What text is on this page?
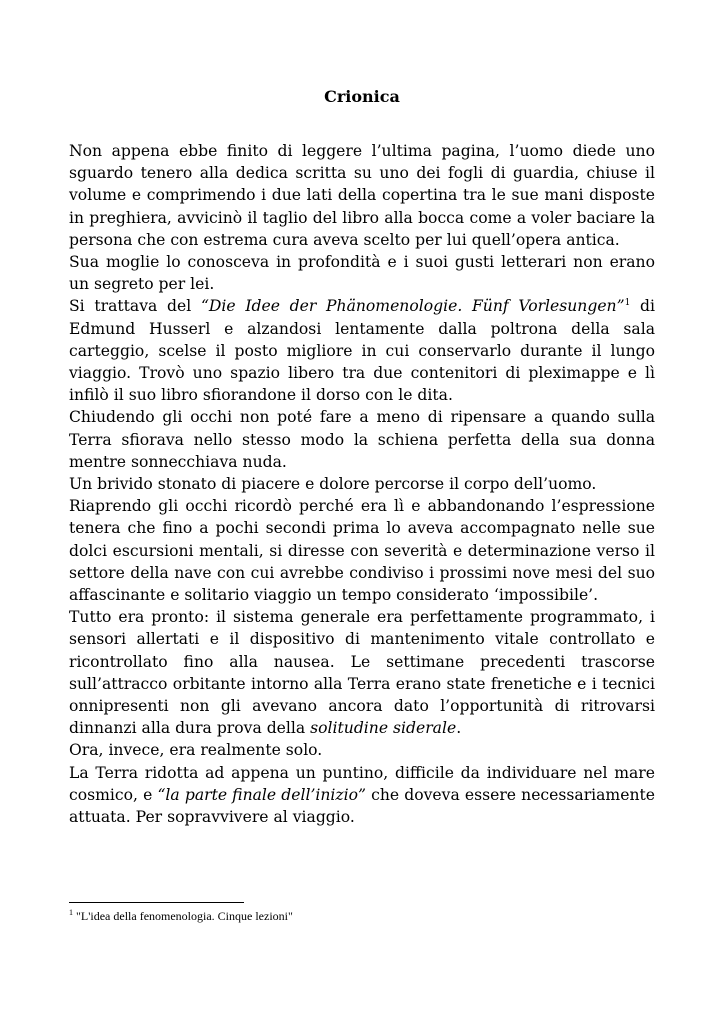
Crionica

Non appena ebbe finito di leggere l’ultima pagina, l’uomo diede uno sguardo tenero alla dedica scritta su uno dei fogli di guardia, chiuse il volume e comprimendo i due lati della copertina tra le sue mani disposte in preghiera, avvicinò il taglio del libro alla bocca come a voler baciare la persona che con estrema cura aveva scelto per lui quell’opera antica.

Sua moglie lo conosceva in profondità e i suoi gusti letterari non erano un segreto per lei.

Si trattava del “Die Idee der Phänomenologie. Fünf Vorlesungen”$^1$ di Edmund Husserl e alzandosi lentamente dalla poltrona della sala carteggio, scelse il posto migliore in cui conservarlo durante il lungo viaggio. Trovò uno spazio libero tra due contenitori di pleximappe e lì infilò il suo libro sfiorandone il dorso con le dita.

Chiudendo gli occhi non poté fare a meno di ripensare a quando sulla Terra sfiorava nello stesso modo la schiena perfetta della sua donna mentre sonnecchiava nuda.

Un brivido stonato di piacere e dolore percorse il corpo dell’uomo.

Riaprendo gli occhi ricordò perché era lì e abbandonando l’espressione tenera che fino a pochi secondi prima lo aveva accompagnato nelle sue dolci escursioni mentali, si diresse con severità e determinazione verso il settore della nave con cui avrebbe condiviso i prossimi nove mesi del suo affascinante e solitario viaggio un tempo considerato ‘impossibile’.

Tutto era pronto: il sistema generale era perfettamente programmato, i sensori allertati e il dispositivo di mantenimento vitale controllato e ricontrollato fino alla nausea. Le settimane precedenti trascorse sull’attracco orbitante intorno alla Terra erano state frenetiche e i tecnici onnipresenti non gli avevano ancora dato l’opportunità di ritrovarsi dinnanzi alla dura prova della solitudine siderale.

Ora, invece, era realmente solo.

La Terra ridotta ad appena un puntino, difficile da individuare nel mare cosmico, e “la parte finale dell’inizio” che doveva essere necessariamente attuata. Per sopravvivere al viaggio.

$^1$ "L'idea della fenomenologia. Cinque lezioni"
